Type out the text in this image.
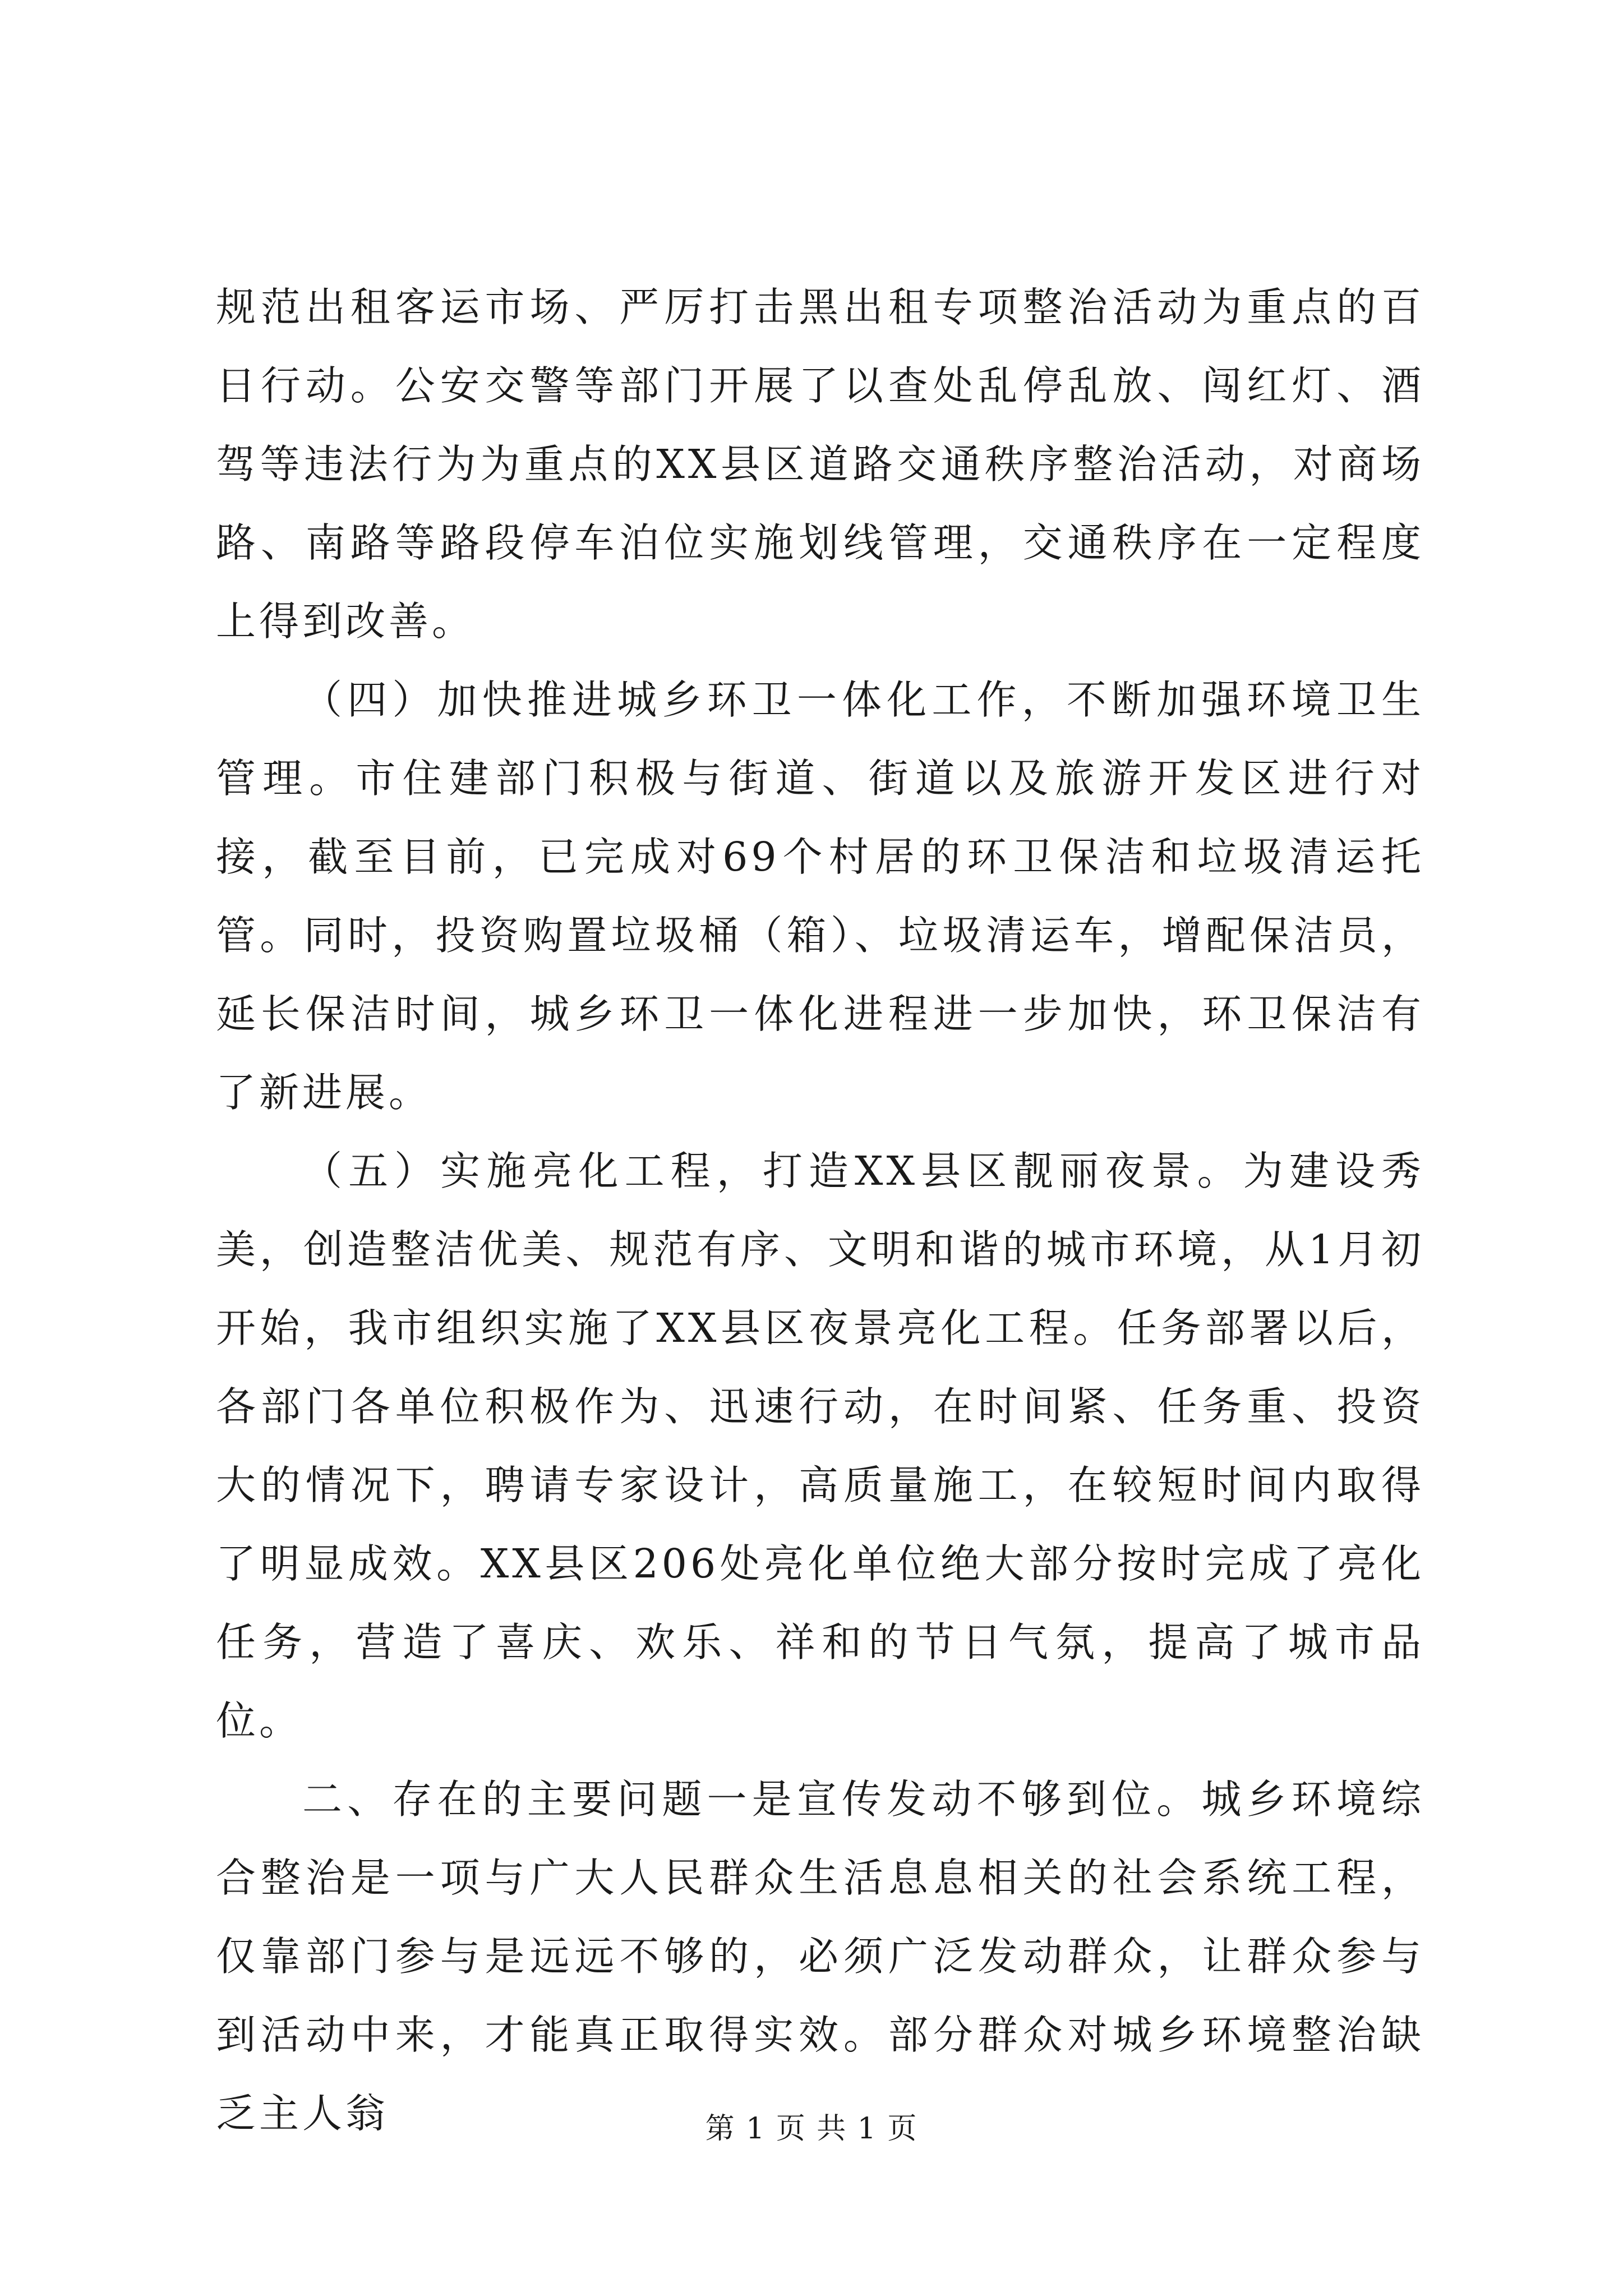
规范出租客运市场、严厉打击黑出租专项整治活动为重点的百日行动。公安交警等部门开展了以查处乱停乱放、闯红灯、酒驾等违法行为为重点的XX县区道路交通秩序整治活动，对商场路、南路等路段停车泊位实施划线管理，交通秩序在一定程度上得到改善。

（四）加快推进城乡环卫一体化工作，不断加强环境卫生管理。市住建部门积极与街道、街道以及旅游开发区进行对接，截至目前，已完成对69个村居的环卫保洁和垃圾清运托管。同时，投资购置垃圾桶（箱）、垃圾清运车，增配保洁员，延长保洁时间，城乡环卫一体化进程进一步加快，环卫保洁有了新进展。

（五）实施亮化工程，打造XX县区靓丽夜景。为建设秀美，创造整洁优美、规范有序、文明和谐的城市环境，从1月初开始，我市组织实施了XX县区夜景亮化工程。任务部署以后，各部门各单位积极作为、迅速行动，在时间紧、任务重、投资大的情况下，聘请专家设计，高质量施工，在较短时间内取得了明显成效。XX县区206处亮化单位绝大部分按时完成了亮化任务，营造了喜庆、欢乐、祥和的节日气氛，提高了城市品位。

二、存在的主要问题一是宣传发动不够到位。城乡环境综合整治是一项与广大人民群众生活息息相关的社会系统工程，仅靠部门参与是远远不够的，必须广泛发动群众，让群众参与到活动中来，才能真正取得实效。部分群众对城乡环境整治缺乏主人翁	第 1 页 共 1 页
